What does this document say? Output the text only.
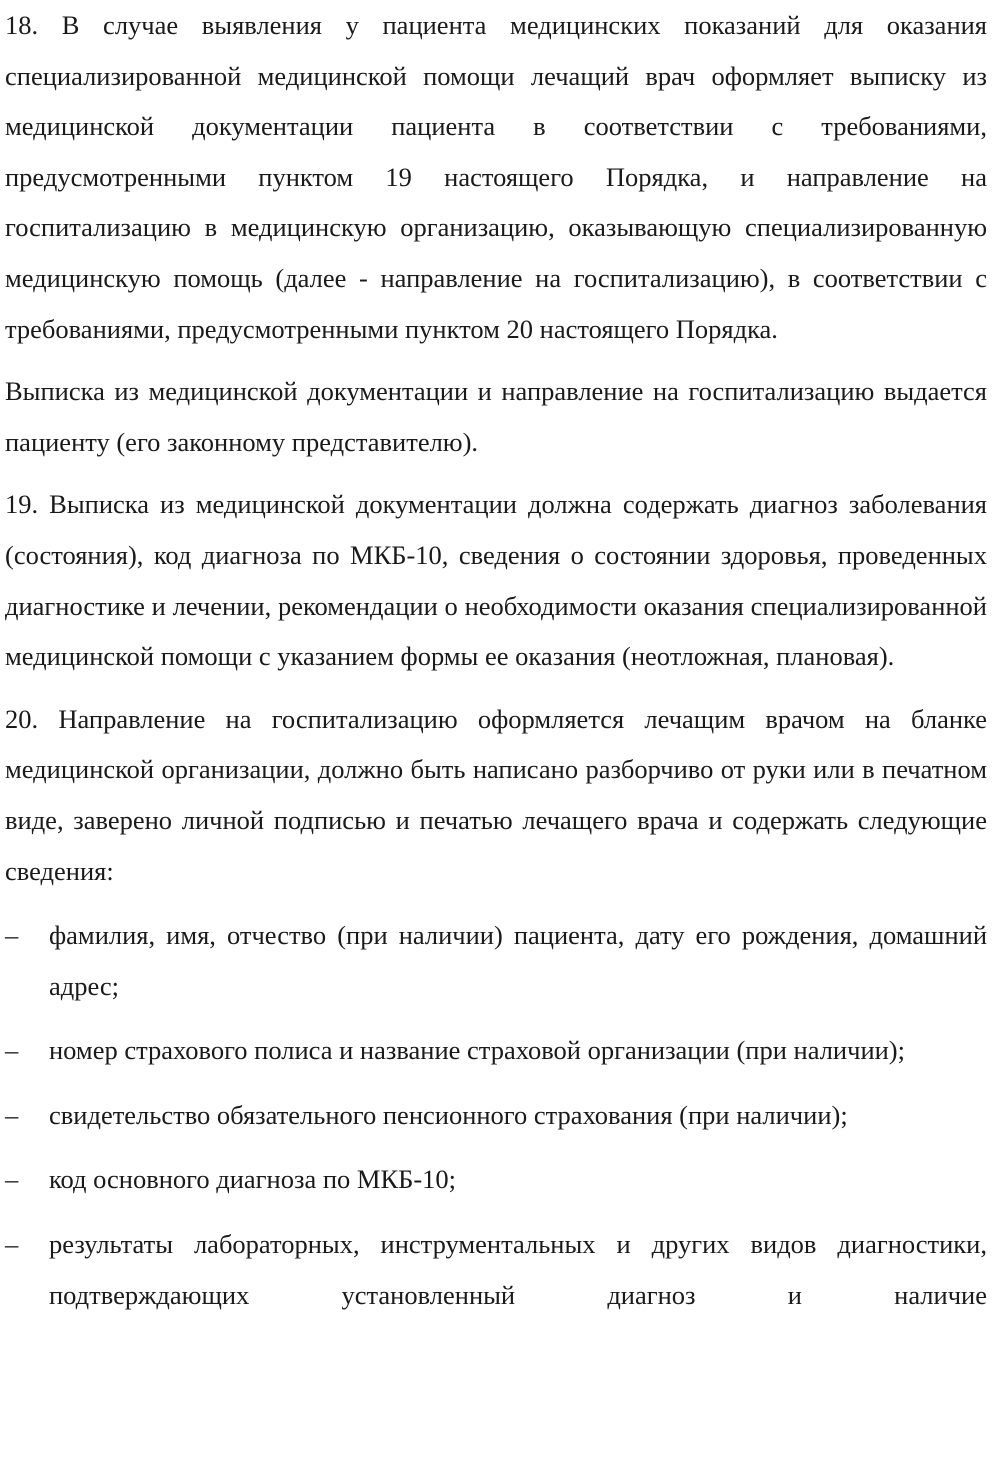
18. В случае выявления у пациента медицинских показаний для оказания специализированной медицинской помощи лечащий врач оформляет выписку из медицинской документации пациента в соответствии с требованиями, предусмотренными пунктом 19 настоящего Порядка, и направление на госпитализацию в медицинскую организацию, оказывающую специализированную медицинскую помощь (далее - направление на госпитализацию), в соответствии с требованиями, предусмотренными пунктом 20 настоящего Порядка.

Выписка из медицинской документации и направление на госпитализацию выдается пациенту (его законному представителю).

19. Выписка из медицинской документации должна содержать диагноз заболевания (состояния), код диагноза по МКБ-10, сведения о состоянии здоровья, проведенных диагностике и лечении, рекомендации о необходимости оказания специализированной медицинской помощи с указанием формы ее оказания (неотложная, плановая).

20. Направление на госпитализацию оформляется лечащим врачом на бланке медицинской организации, должно быть написано разборчиво от руки или в печатном виде, заверено личной подписью и печатью лечащего врача и содержать следующие сведения:

–	фамилия, имя, отчество (при наличии) пациента, дату его рождения, домашний адрес;
–	номер страхового полиса и название страховой организации (при наличии);
–	свидетельство обязательного пенсионного страхования (при наличии);
–	код основного диагноза по МКБ-10;
–	результаты лабораторных, инструментальных и других видов диагностики, подтверждающих установленный диагноз и наличие
